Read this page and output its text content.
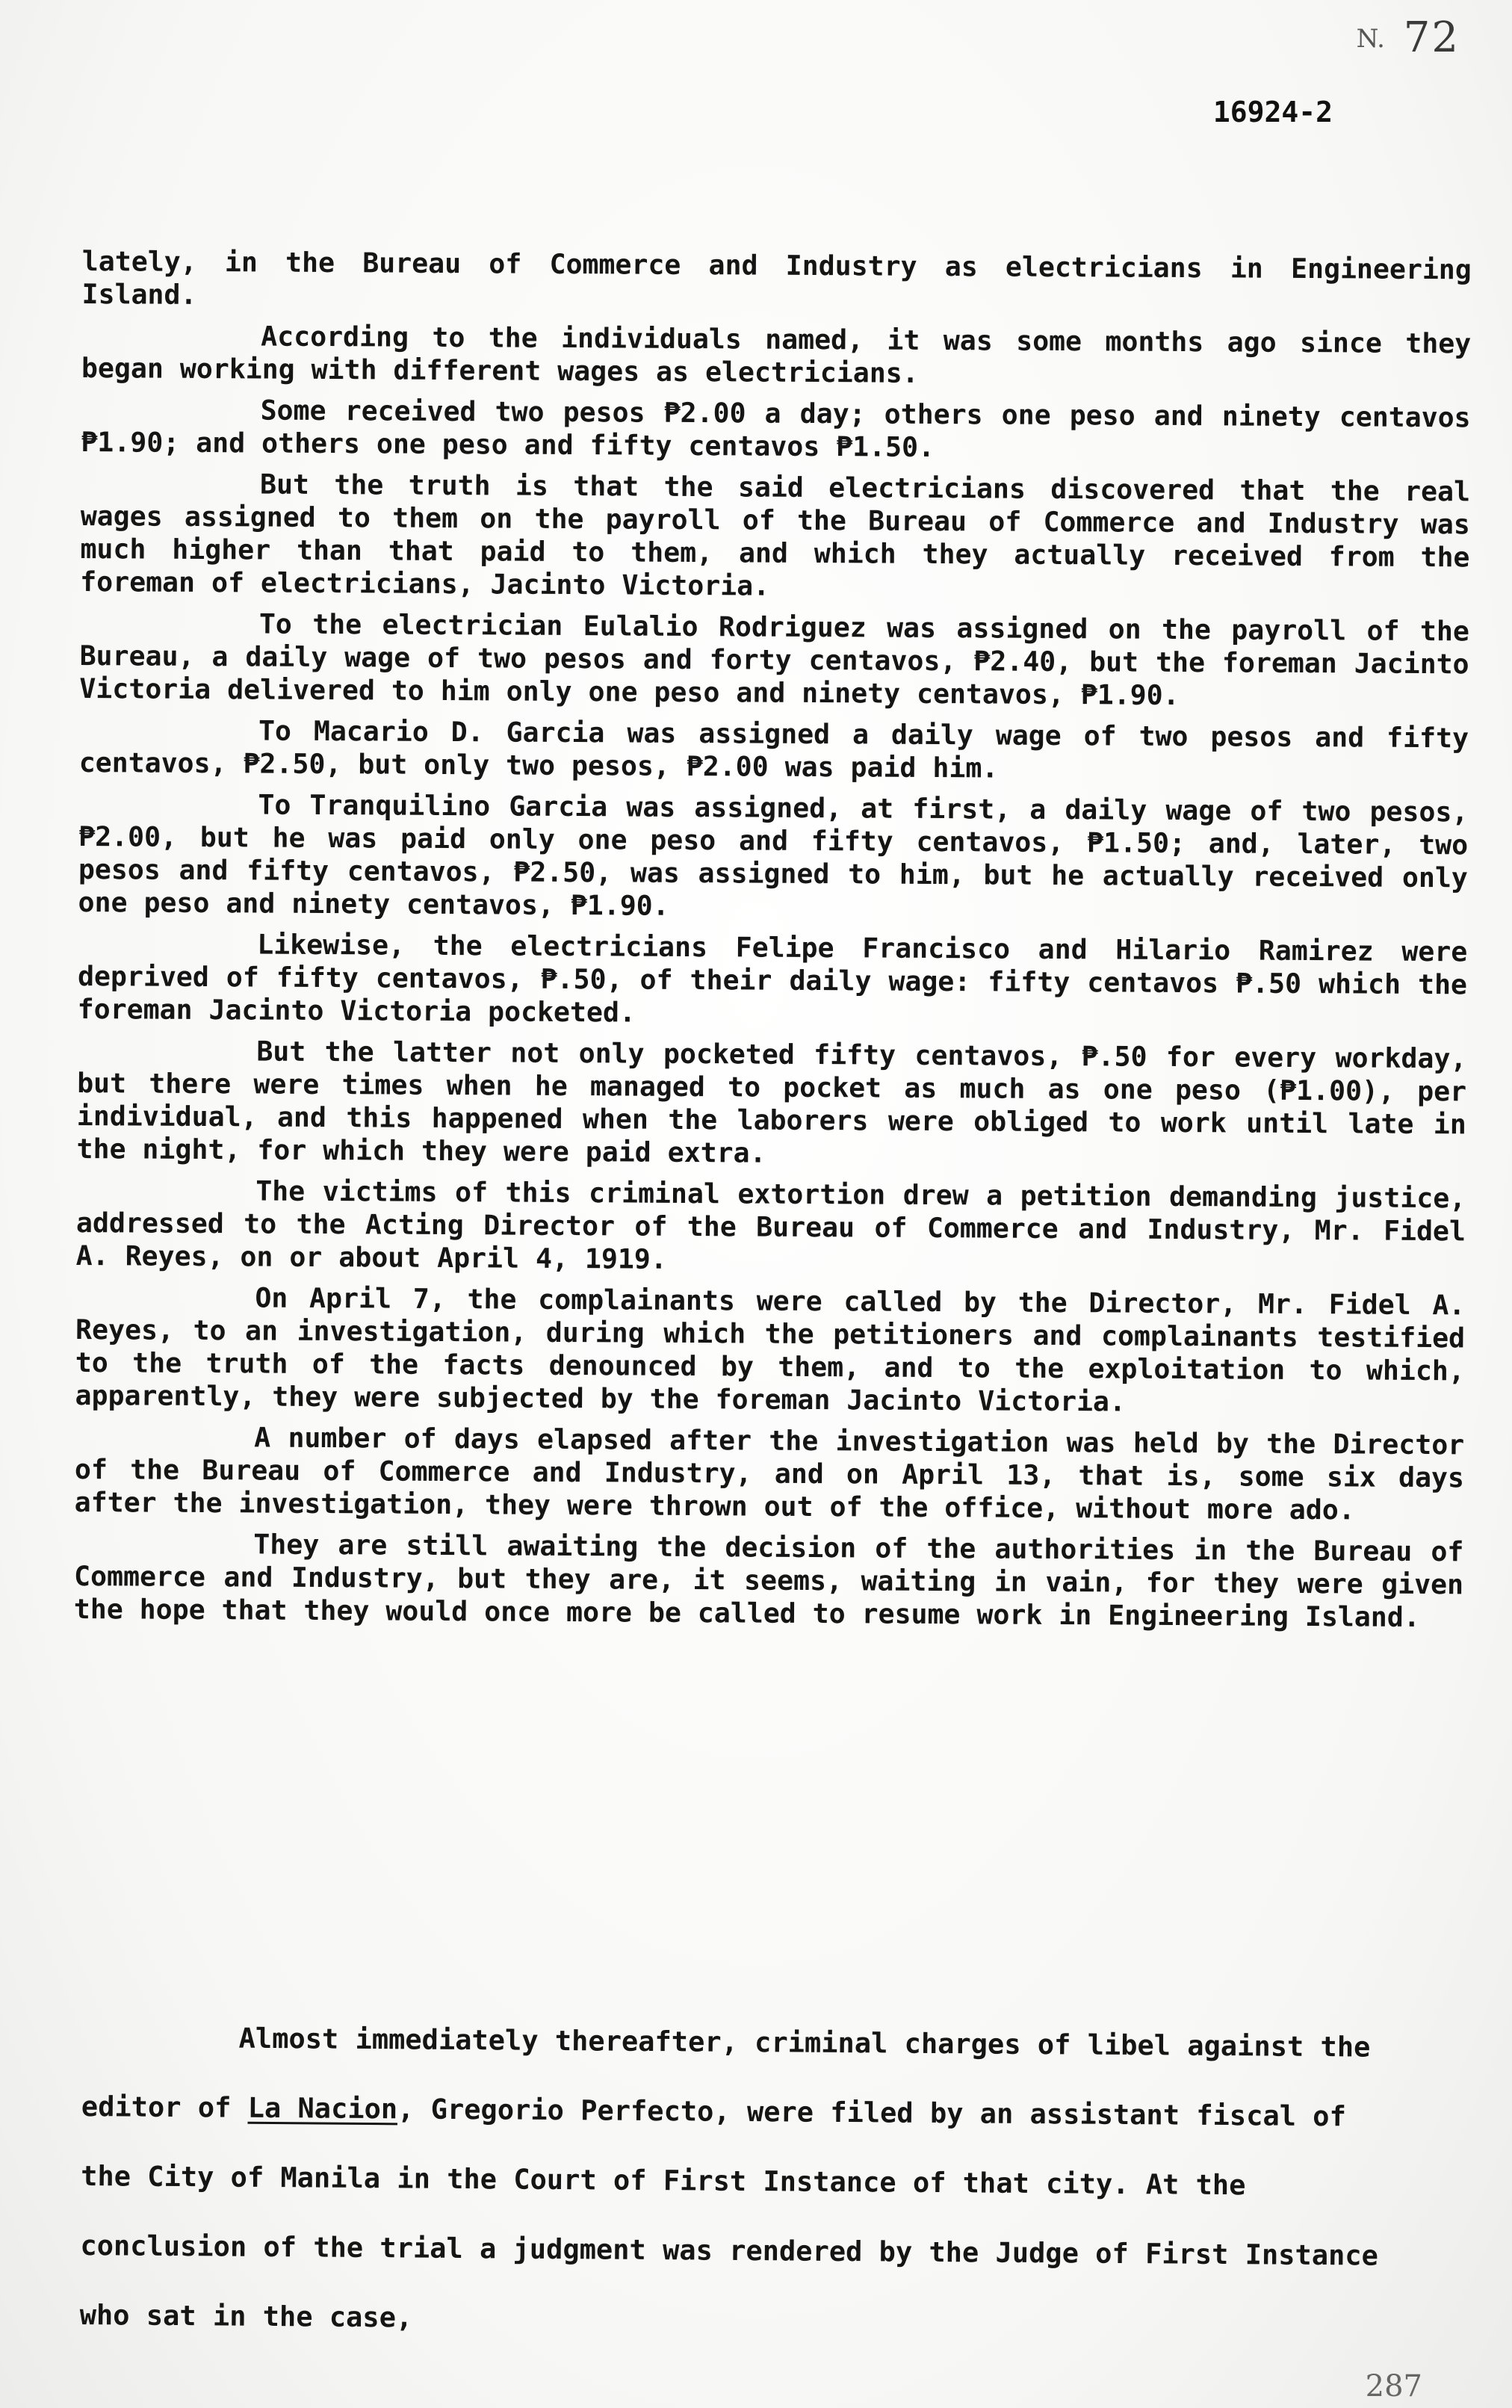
N. 72
16924-2

lately, in the Bureau of Commerce and Industry as electricians in Engineering Island.

According to the individuals named, it was some months ago since they began working with different wages as electricians.

Some received two pesos ₱2.00 a day; others one peso and ninety centavos ₱1.90; and others one peso and fifty centavos ₱1.50.

But the truth is that the said electricians discovered that the real wages assigned to them on the payroll of the Bureau of Commerce and Industry was much higher than that paid to them, and which they actually received from the foreman of electricians, Jacinto Victoria.

To the electrician Eulalio Rodriguez was assigned on the payroll of the Bureau, a daily wage of two pesos and forty centavos, ₱2.40, but the foreman Jacinto Victoria delivered to him only one peso and ninety centavos, ₱1.90.

To Macario D. Garcia was assigned a daily wage of two pesos and fifty centavos, ₱2.50, but only two pesos, ₱2.00 was paid him.

To Tranquilino Garcia was assigned, at first, a daily wage of two pesos, ₱2.00, but he was paid only one peso and fifty centavos, ₱1.50; and, later, two pesos and fifty centavos, ₱2.50, was assigned to him, but he actually received only one peso and ninety centavos, ₱1.90.

Likewise, the electricians Felipe Francisco and Hilario Ramirez were deprived of fifty centavos, ₱.50, of their daily wage: fifty centavos ₱.50 which the foreman Jacinto Victoria pocketed.

But the latter not only pocketed fifty centavos, ₱.50 for every workday, but there were times when he managed to pocket as much as one peso (₱1.00), per individual, and this happened when the laborers were obliged to work until late in the night, for which they were paid extra.

The victims of this criminal extortion drew a petition demanding justice, addressed to the Acting Director of the Bureau of Commerce and Industry, Mr. Fidel A. Reyes, on or about April 4, 1919.

On April 7, the complainants were called by the Director, Mr. Fidel A. Reyes, to an investigation, during which the petitioners and complainants testified to the truth of the facts denounced by them, and to the exploitation to which, apparently, they were subjected by the foreman Jacinto Victoria.

A number of days elapsed after the investigation was held by the Director of the Bureau of Commerce and Industry, and on April 13, that is, some six days after the investigation, they were thrown out of the office, without more ado.

They are still awaiting the decision of the authorities in the Bureau of Commerce and Industry, but they are, it seems, waiting in vain, for they were given the hope that they would once more be called to resume work in Engineering Island.

Almost immediately thereafter, criminal charges of libel against the editor of La Nacion, Gregorio Perfecto, were filed by an assistant fiscal of the City of Manila in the Court of First Instance of that city. At the conclusion of the trial a judgment was rendered by the Judge of First Instance who sat in the case,

287
